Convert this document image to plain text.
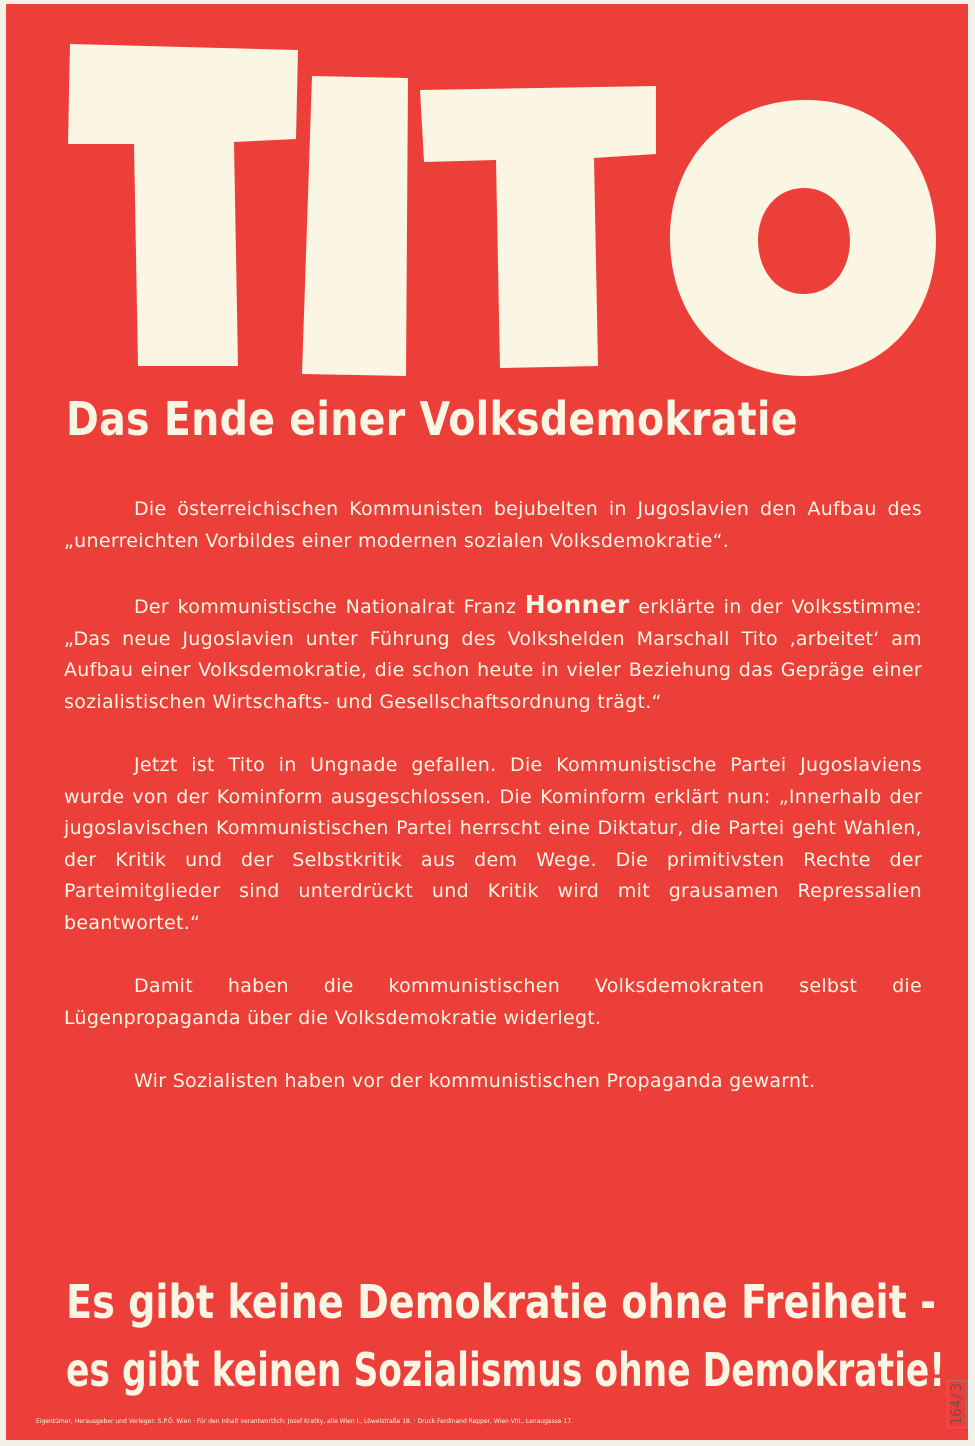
Das Ende einer Volksdemokratie

Die österreichischen Kommunisten bejubelten in Jugoslavien den Aufbau des „unerreichten Vorbildes einer modernen sozialen Volksdemokratie“.

Der kommunistische Nationalrat Franz Honner erklärte in der Volksstimme: „Das neue Jugoslavien unter Führung des Volkshelden Marschall Tito ‚arbeitet‘ am Aufbau einer Volksdemokratie, die schon heute in vieler Beziehung das Gepräge einer sozialistischen Wirtschafts- und Gesellschaftsordnung trägt.“

Jetzt ist Tito in Ungnade gefallen. Die Kommunistische Partei Jugoslaviens wurde von der Kominform ausgeschlossen. Die Kominform erklärt nun: „Innerhalb der jugoslavischen Kommunistischen Partei herrscht eine Diktatur, die Partei geht Wahlen, der Kritik und der Selbstkritik aus dem Wege. Die primitivsten Rechte der Parteimitglieder sind unterdrückt und Kritik wird mit grausamen Repressalien beantwortet.“

Damit haben die kommunistischen Volksdemokraten selbst die Lügenpropaganda über die Volksdemokratie widerlegt.

Wir Sozialisten haben vor der kommunistischen Propaganda gewarnt.

Es gibt keine Demokratie ohne Freiheit -
es gibt keinen Sozialismus ohne Demokratie!
Eigentümer, Herausgeber und Verleger: S.P.Ö. Wien · Für den Inhalt verantwortlich: Josef Kratky, alle Wien I., Löwelstraße 18. · Druck Ferdinand Repper, Wien VIII., Lenaugasse 17.	164/3
